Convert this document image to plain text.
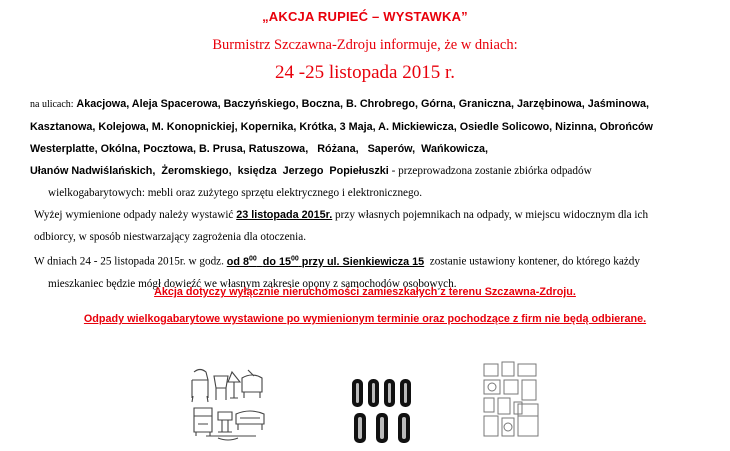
„AKCJA RUPIEĆ – WYSTAWKA”
Burmistrz Szczawna-Zdroju informuje, że w dniach:
24 -25 listopada 2015 r.
na ulicach: Akacjowa, Aleja Spacerowa, Baczyńskiego, Boczna, B. Chrobrego, Górna, Graniczna, Jarzębinowa, Jaśminowa,
Kasztanowa, Kolejowa, M. Konopnickiej, Kopernika, Krótka, 3 Maja, A. Mickiewicza, Osiedle Solicowo, Nizinna, Obrońców
Westerplatte, Okólna, Pocztowa, B. Prusa, Ratuszowa,   Różana,   Saperów,  Wańkowicza,
Ułanów Nadwiślańskich,  Żeromskiego,  księdza  Jerzego  Popiełuszki - przeprowadzona zostanie zbiórka odpadów
wielkogabarytowych: mebli oraz zużytego sprzętu elektrycznego i elektronicznego.
Wyżej wymienione odpady należy wystawić 23 listopada 2015r. przy własnych pojemnikach na odpady, w miejscu widocznym dla ich
odbiorcy, w sposób niestwarzający zagrożenia dla otoczenia.
W dniach 24 - 25 listopada 2015r. w godz. od $8^{00}$ do $15^{00}$ przy ul. Sienkiewicza 15 zostanie ustawiony kontener, do którego każdy
mieszkaniec będzie mógł dowieźć we własnym zakresie opony z samochodów osobowych.
Akcja dotyczy wyłącznie nieruchomości zamieszkałych z terenu Szczawna-Zdroju.
Odpady wielkogabarytowe wystawione po wymienionym terminie oraz pochodzące z firm nie będą odbierane.
